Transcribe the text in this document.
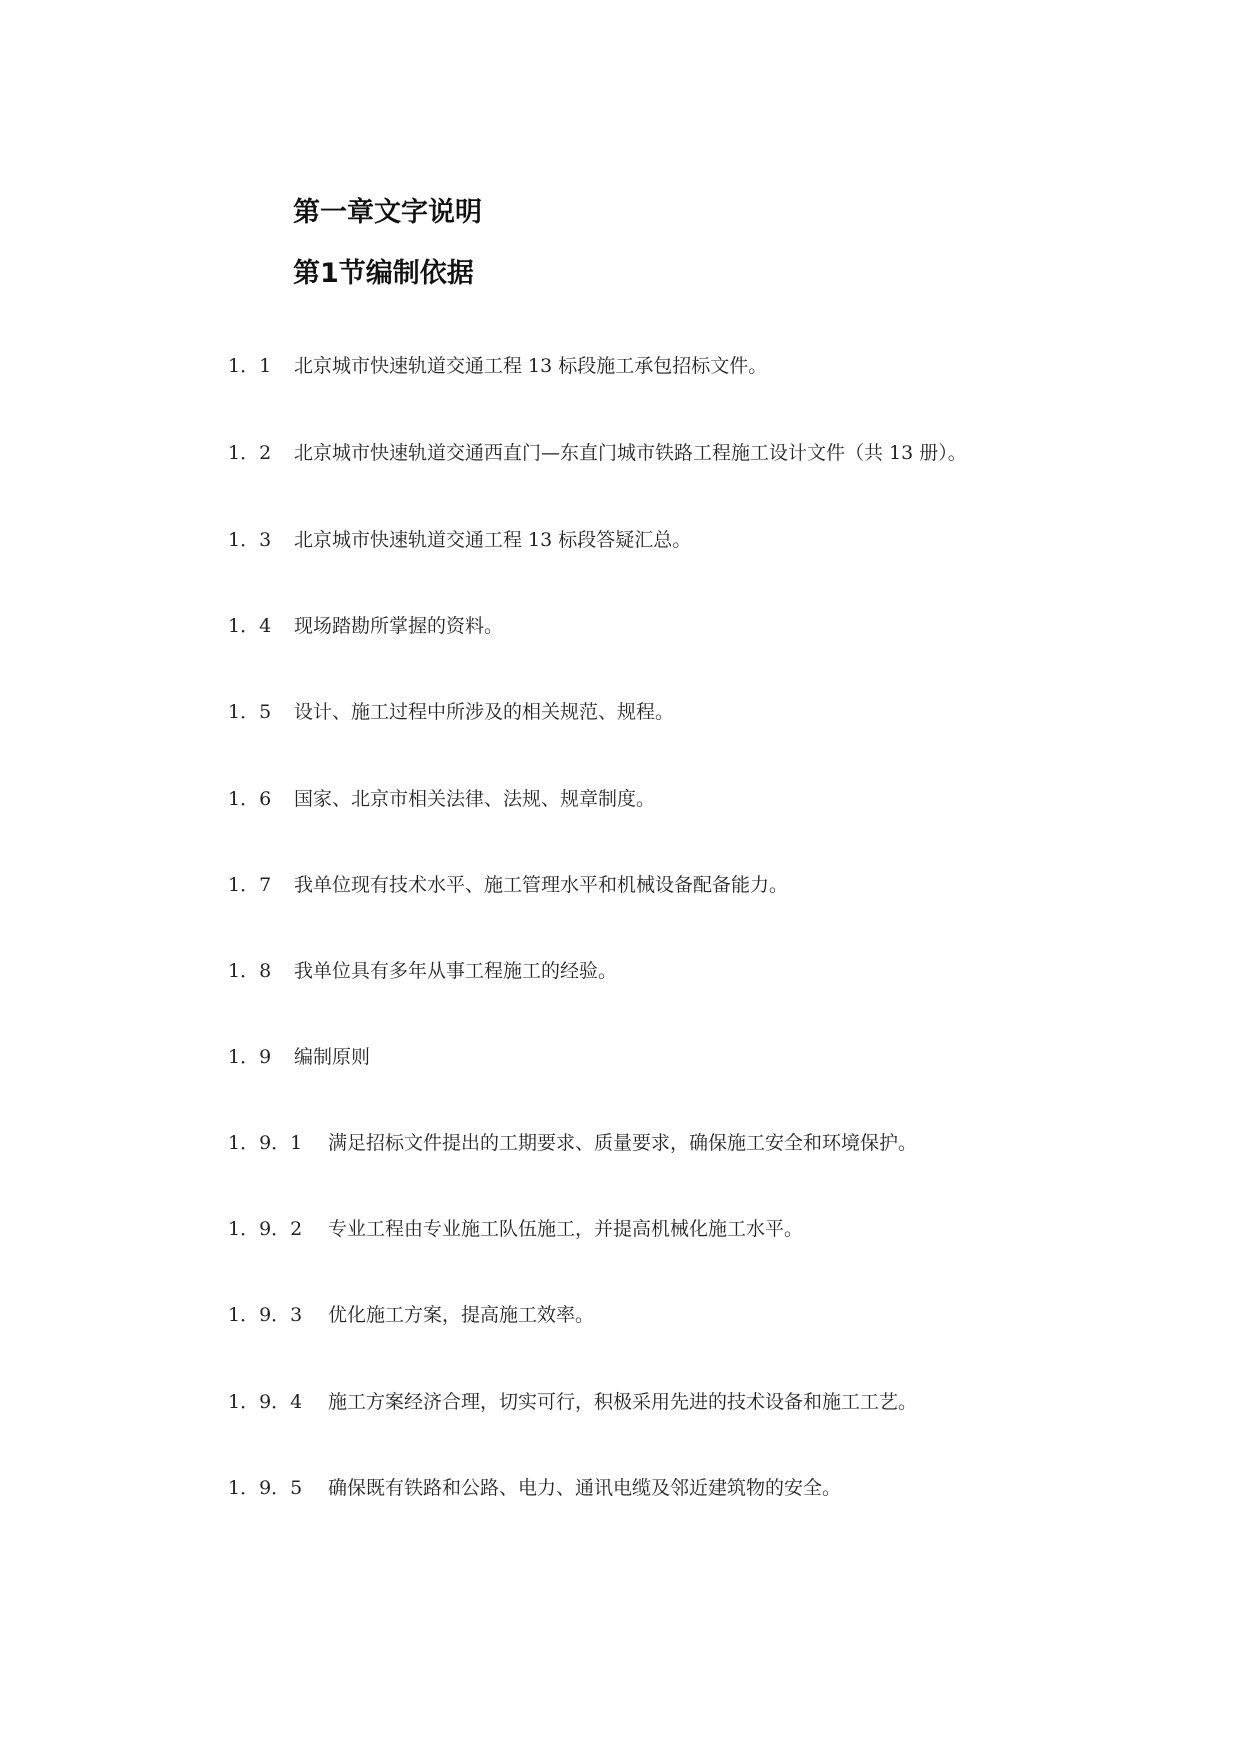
第一章文字说明
第1节编制依据
1．1 北京城市快速轨道交通工程 13 标段施工承包招标文件。
1．2 北京城市快速轨道交通西直门—东直门城市铁路工程施工设计文件（共 13 册）。
1．3 北京城市快速轨道交通工程 13 标段答疑汇总。
1．4 现场踏勘所掌握的资料。
1．5 设计、施工过程中所涉及的相关规范、规程。
1．6 国家、北京市相关法律、法规、规章制度。
1．7 我单位现有技术水平、施工管理水平和机械设备配备能力。
1．8 我单位具有多年从事工程施工的经验。
1．9 编制原则
1．9．1 满足招标文件提出的工期要求、质量要求，确保施工安全和环境保护。
1．9．2 专业工程由专业施工队伍施工，并提高机械化施工水平。
1．9．3 优化施工方案，提高施工效率。
1．9．4 施工方案经济合理，切实可行，积极采用先进的技术设备和施工工艺。
1．9．5 确保既有铁路和公路、电力、通讯电缆及邻近建筑物的安全。
